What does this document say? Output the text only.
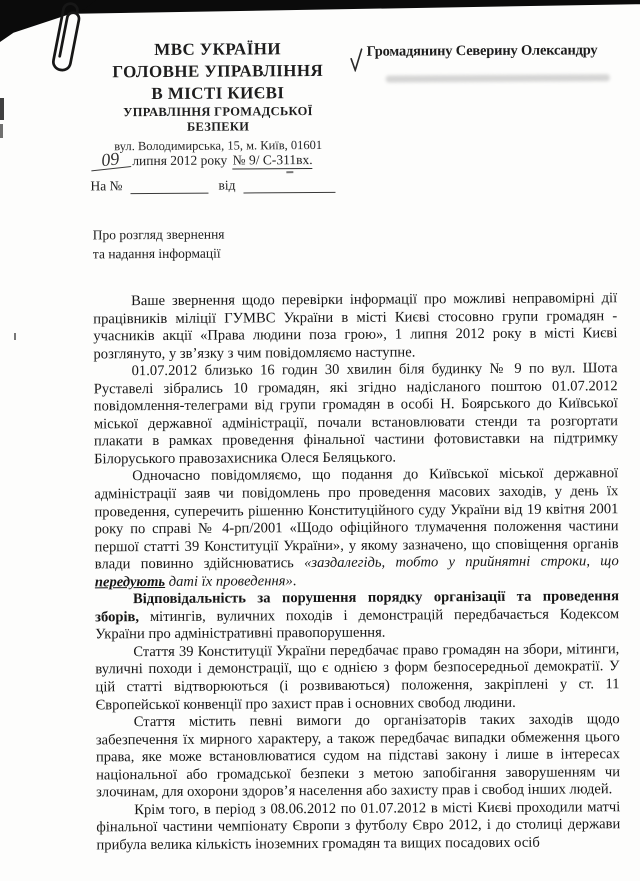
МВС УКРАЇНИ
ГОЛОВНЕ УПРАВЛІННЯ
В МІСТІ КИЄВІ
УПРАВЛІННЯ ГРОМАДСЬКОЇ
БЕЗПЕКИ
вул. Володимирська, 15, м. Київ, 01601
09 липня 2012 року № 9/ С-311вх.
На №	від
Громадянину Северину Олександру
Про розгляд звернення
та надання інформації

Ваше звернення щодо перевірки інформації про можливі неправомірні дії працівників міліції ГУМВС України в місті Києві стосовно групи громадян - учасників акції «Права людини поза грою», 1 липня 2012 року в місті Києві розглянуто, у зв’язку з чим повідомляємо наступне.

01.07.2012 близько 16 годин 30 хвилин біля будинку № 9 по вул. Шота Руставелі зібрались 10 громадян, які згідно надісланого поштою 01.07.2012 повідомлення-телеграми від групи громадян в особі Н. Боярського до Київської міської державної адміністрації, почали встановлювати стенди та розгортати плакати в рамках проведення фінальної частини фотовиставки на підтримку Білоруського правозахисника Олеся Беляцького.

Одночасно повідомляємо, що подання до Київської міської державної адміністрації заяв чи повідомлень про проведення масових заходів, у день їх проведення, суперечить рішенню Конституційного суду України від 19 квітня 2001 року по справі № 4-рп/2001 «Щодо офіційного тлумачення положення частини першої статті 39 Конституції України», у якому зазначено, що сповіщення органів влади повинно здійснюватись «заздалегідь, тобто у прийнятні строки, що передують даті їх проведення».

Відповідальність за порушення порядку організації та проведення зборів, мітингів, вуличних походів і демонстрацій передбачається Кодексом України про адміністративні правопорушення.

Стаття 39 Конституції України передбачає право громадян на збори, мітинги, вуличні походи і демонстрації, що є однією з форм безпосередньої демократії. У цій статті відтворюються (і розвиваються) положення, закріплені у ст. 11 Європейської конвенції про захист прав і основних свобод людини.

Стаття містить певні вимоги до організаторів таких заходів щодо забезпечення їх мирного характеру, а також передбачає випадки обмеження цього права, яке може встановлюватися судом на підставі закону і лише в інтересах національної або громадської безпеки з метою запобігання заворушенням чи злочинам, для охорони здоров’я населення або захисту прав і свобод інших людей.

Крім того, в період з 08.06.2012 по 01.07.2012 в місті Києві проходили матчі фінальної частини чемпіонату Європи з футболу Євро 2012, і до столиці держави прибула велика кількість іноземних громадян та вищих посадових осіб
